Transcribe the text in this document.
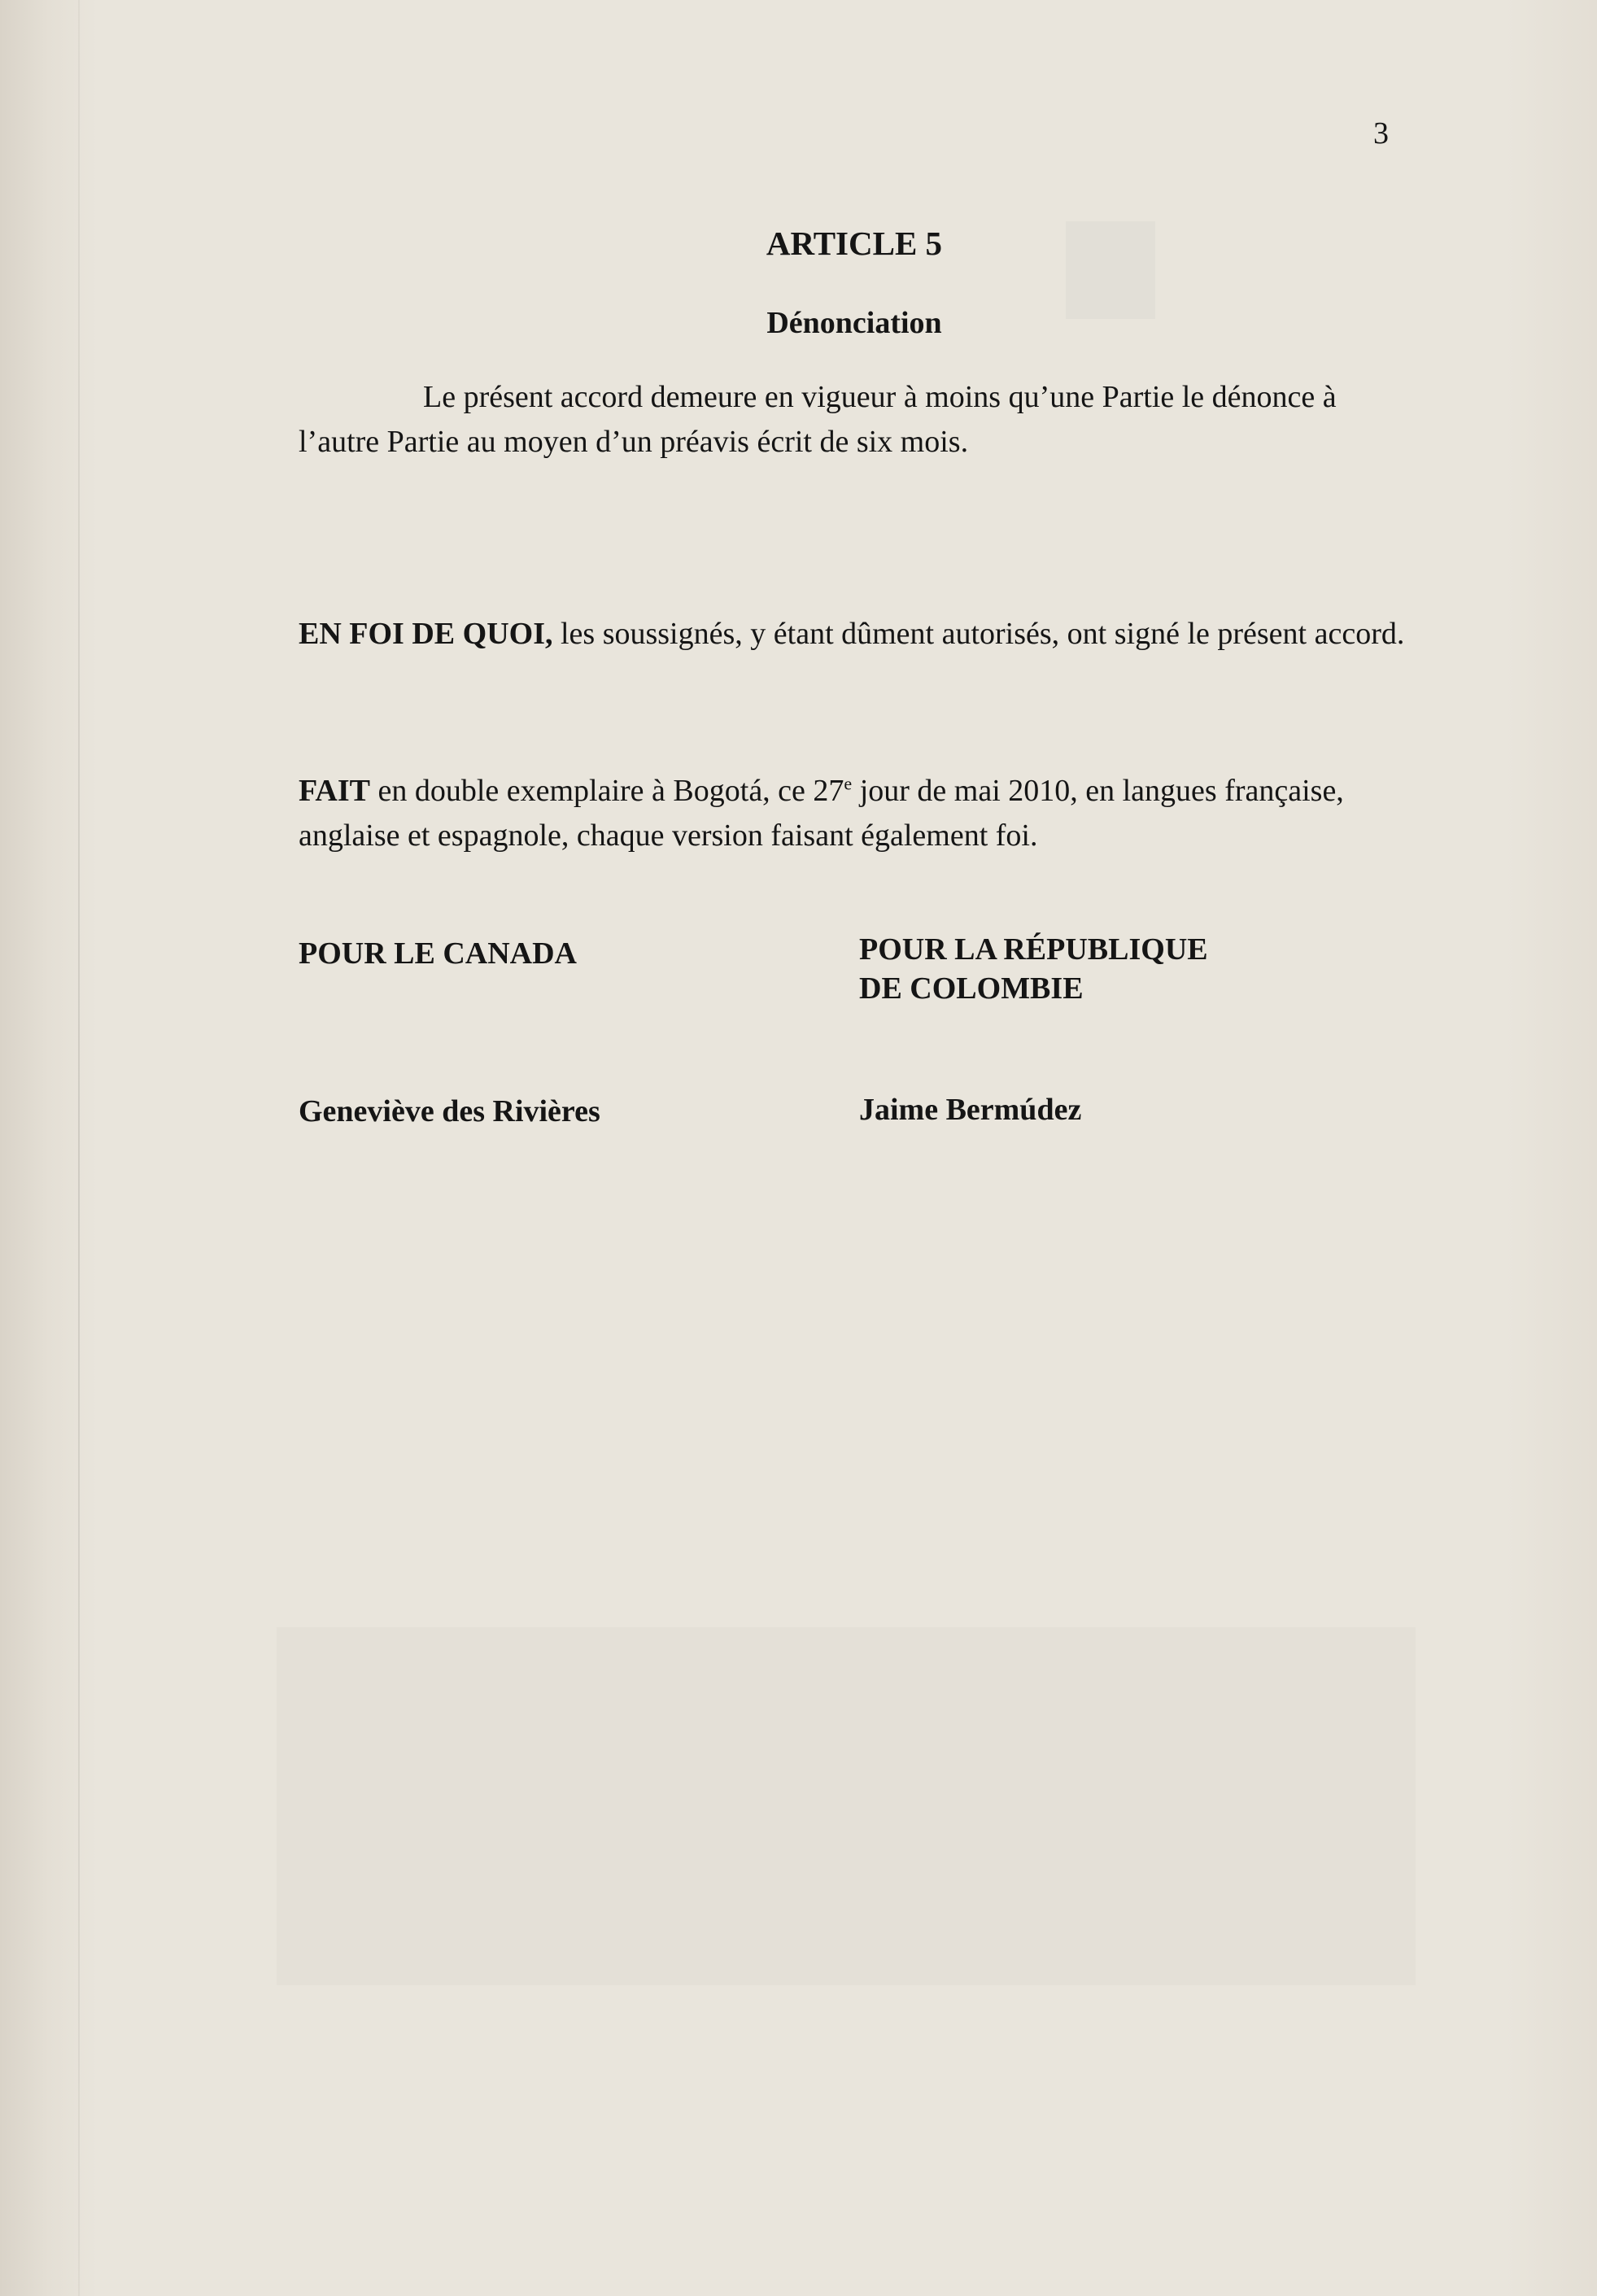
3
ARTICLE 5
Dénonciation

Le présent accord demeure en vigueur à moins qu’une Partie le dénonce à l’autre Partie au moyen d’un préavis écrit de six mois.

EN FOI DE QUOI, les soussignés, y étant dûment autorisés, ont signé le présent accord.

FAIT en double exemplaire à Bogotá, ce 27e jour de mai 2010, en langues française, anglaise et espagnole, chaque version faisant également foi.

POUR LE CANADA	POUR LA RÉPUBLIQUE
DE COLOMBIE
Geneviève des Rivières	Jaime Bermúdez
